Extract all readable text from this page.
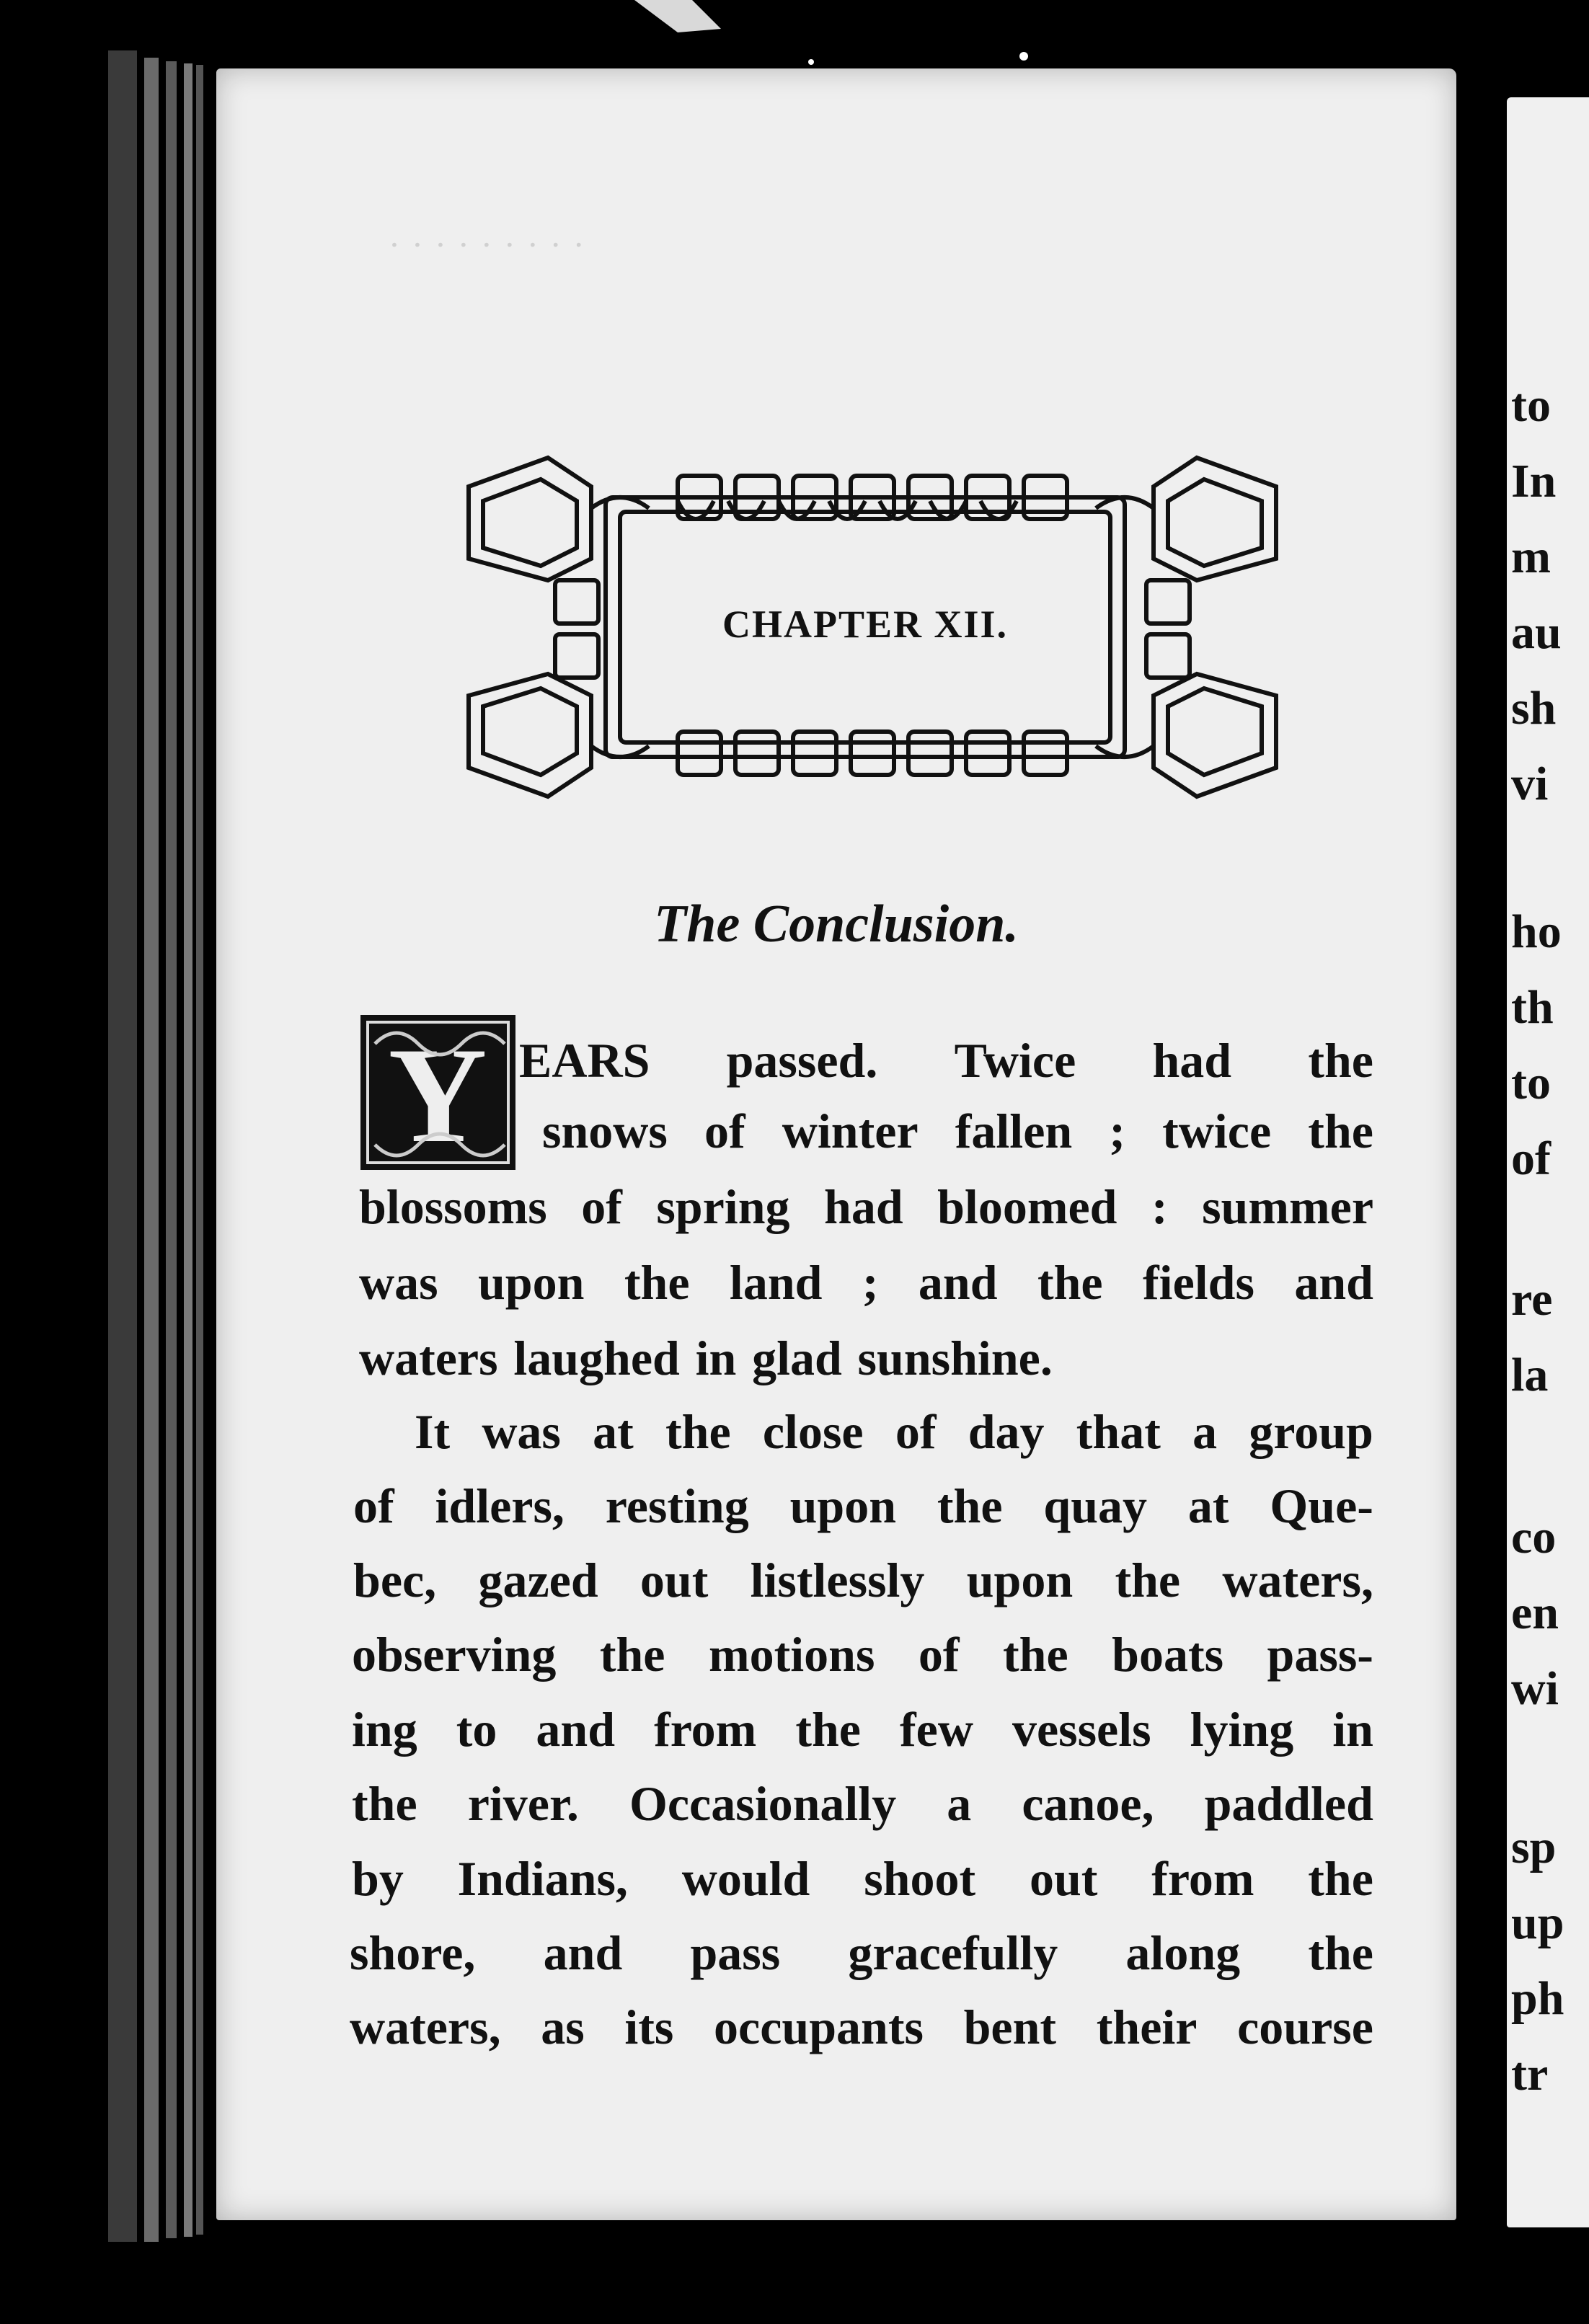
· · · · · · · · ·
CHAPTER XII.
The Conclusion.
Y EARS passed. Twice had the
snows of winter fallen ; twice the
blossoms of spring had bloomed : summer
was upon the land ; and the fields and
waters laughed in glad sunshine.
It was at the close of day that a group
of idlers, resting upon the quay at Que-
bec, gazed out listlessly upon the waters,
observing the motions of the boats pass-
ing to and from the few vessels lying in
the river. Occasionally a canoe, paddled
by Indians, would shoot out from the
shore, and pass gracefully along the
waters, as its occupants bent their course
to
In
m
au
sh
vi
ho
th
to
of
re
la
co
en
wi
sp
up
ph
tr
